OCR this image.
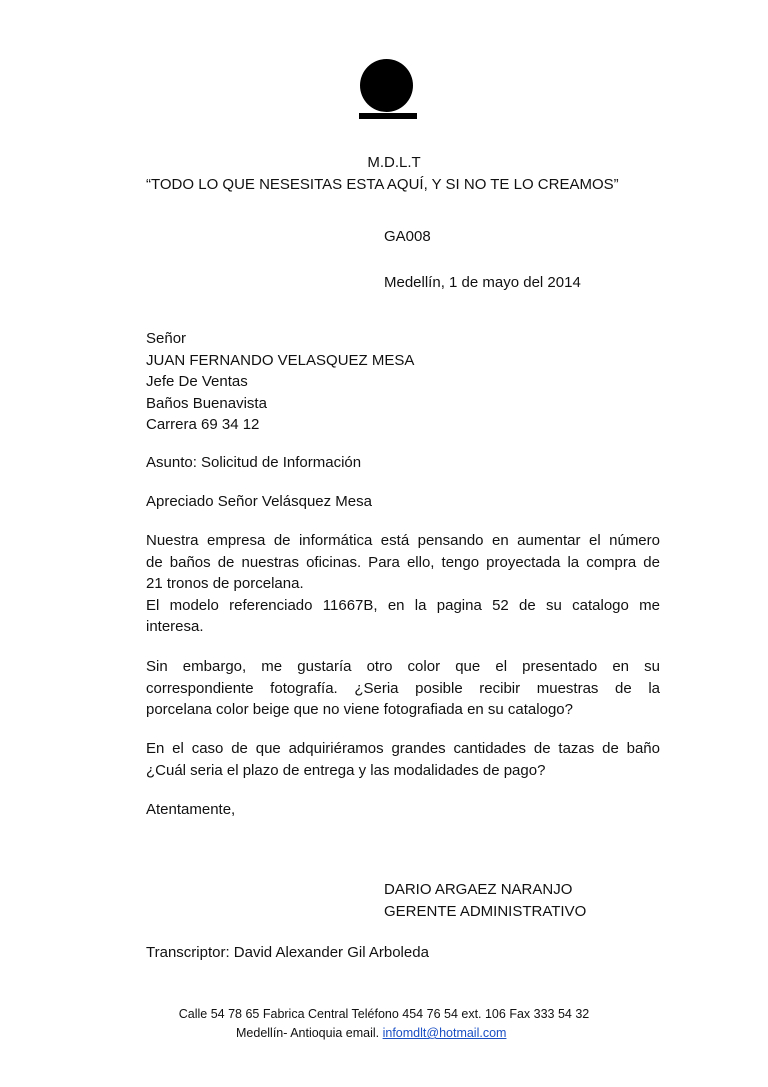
M.D.L.T
“TODO LO QUE NESESITAS ESTA AQUÍ, Y SI NO TE LO CREAMOS”
GA008
Medellín, 1 de mayo del 2014
Señor
JUAN FERNANDO VELASQUEZ MESA
Jefe De Ventas
Baños Buenavista
Carrera 69 34 12
Asunto: Solicitud de Información
Apreciado Señor Velásquez Mesa
Nuestra empresa de informática está pensando en aumentar el número
de baños de nuestras oficinas. Para ello, tengo proyectada la compra de
21 tronos de porcelana.
El modelo referenciado 11667B, en la pagina 52 de su catalogo me
interesa.
Sin embargo, me gustaría otro color que el presentado en su
correspondiente fotografía. ¿Seria posible recibir muestras de la
porcelana color beige que no viene fotografiada en su catalogo?
En el caso de que adquiriéramos grandes cantidades de tazas de baño
¿Cuál seria el plazo de entrega y las modalidades de pago?
Atentamente,
DARIO ARGAEZ NARANJO
GERENTE ADMINISTRATIVO
Transcriptor: David Alexander Gil Arboleda
Calle 54 78 65 Fabrica Central Teléfono 454 76 54 ext. 106 Fax 333 54 32
Medellín- Antioquia email. infomdlt@hotmail.com
